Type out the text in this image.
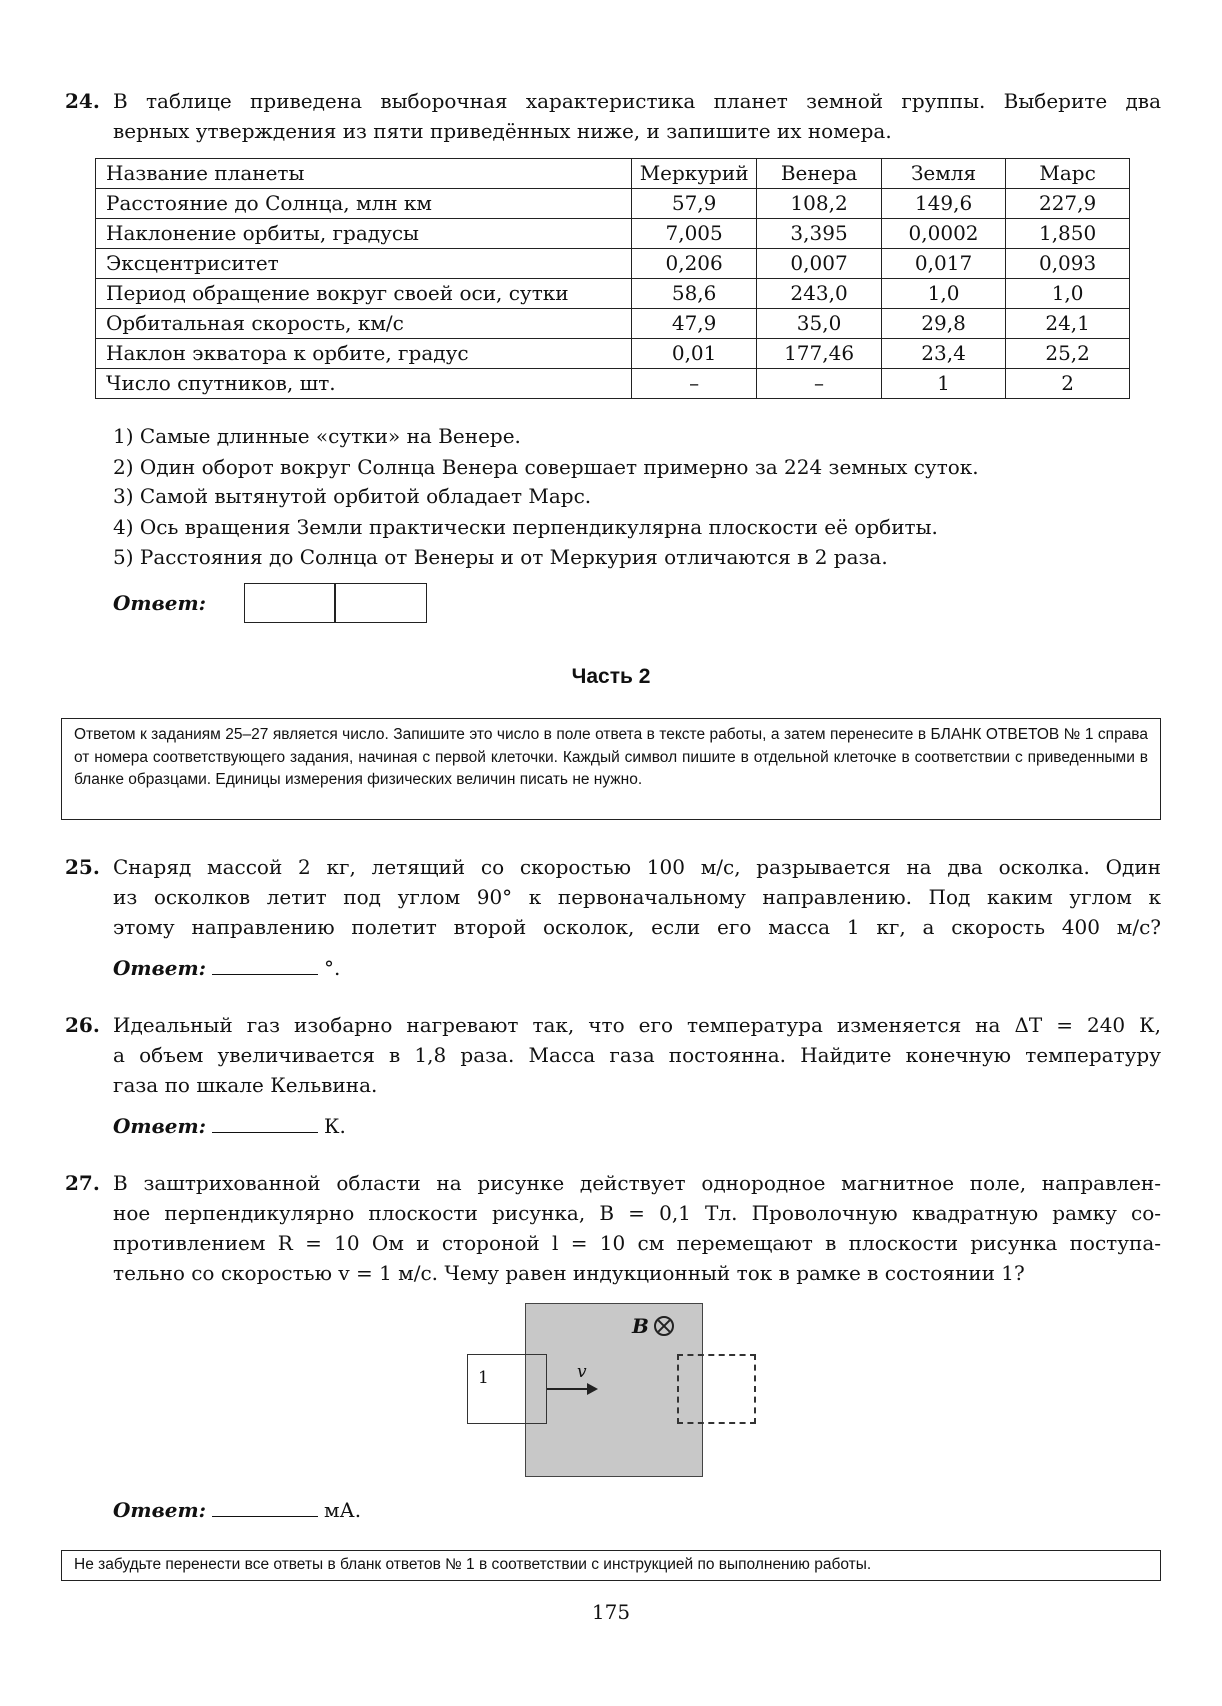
24. В таблице приведена выборочная характеристика планет земной группы. Выберите два
верных утверждения из пяти приведённых ниже, и запишите их номера.
Название планеты	Меркурий	Венера	Земля	Марс
Расстояние до Солнца, млн км	57,9	108,2	149,6	227,9
Наклонение орбиты, градусы	7,005	3,395	0,0002	1,850
Эксцентриситет	0,206	0,007	0,017	0,093
Период обращение вокруг своей оси, сутки	58,6	243,0	1,0	1,0
Орбитальная скорость, км/с	47,9	35,0	29,8	24,1
Наклон экватора к орбите, градус	0,01	177,46	23,4	25,2
Число спутников, шт.	–	–	1	2
1) Самые длинные «сутки» на Венере.
2) Один оборот вокруг Солнца Венера совершает примерно за 224 земных суток.
3) Самой вытянутой орбитой обладает Марс.
4) Ось вращения Земли практически перпендикулярна плоскости её орбиты.
5) Расстояния до Солнца от Венеры и от Меркурия отличаются в 2 раза.
Ответ:
Часть 2
Ответом к заданиям 25–27 является число. Запишите это число в поле ответа в тексте работы, а затем перенесите в БЛАНК ОТВЕТОВ № 1 справа от номера соответствующего задания, начиная с первой клеточки. Каждый символ пишите в отдельной клеточке в соответствии с приведенными в бланке образцами. Единицы измерения физических величин писать не нужно.
25. Снаряд массой 2 кг, летящий со скоростью 100 м/с, разрывается на два осколка. Один
из осколков летит под углом 90° к первоначальному направлению. Под каким углом к
этому направлению полетит второй осколок, если его масса 1 кг, а скорость 400 м/с?
Ответ:	°.
26. Идеальный газ изобарно нагревают так, что его температура изменяется на ΔT = 240 К,
а объем увеличивается в 1,8 раза. Масса газа постоянна. Найдите конечную температуру
газа по шкале Кельвина.
Ответ:	К.
27. В заштрихованной области на рисунке действует однородное магнитное поле, направлен-
ное перпендикулярно плоскости рисунка, B = 0,1 Тл. Проволочную квадратную рамку со-
противлением R = 10 Ом и стороной l = 10 см перемещают в плоскости рисунка поступа-
тельно со скоростью v = 1 м/с. Чему равен индукционный ток в рамке в состоянии 1?
B
1	v
Ответ:	мА.
Не забудьте перенести все ответы в бланк ответов № 1 в соответствии с инструкцией по выполнению работы.
175
